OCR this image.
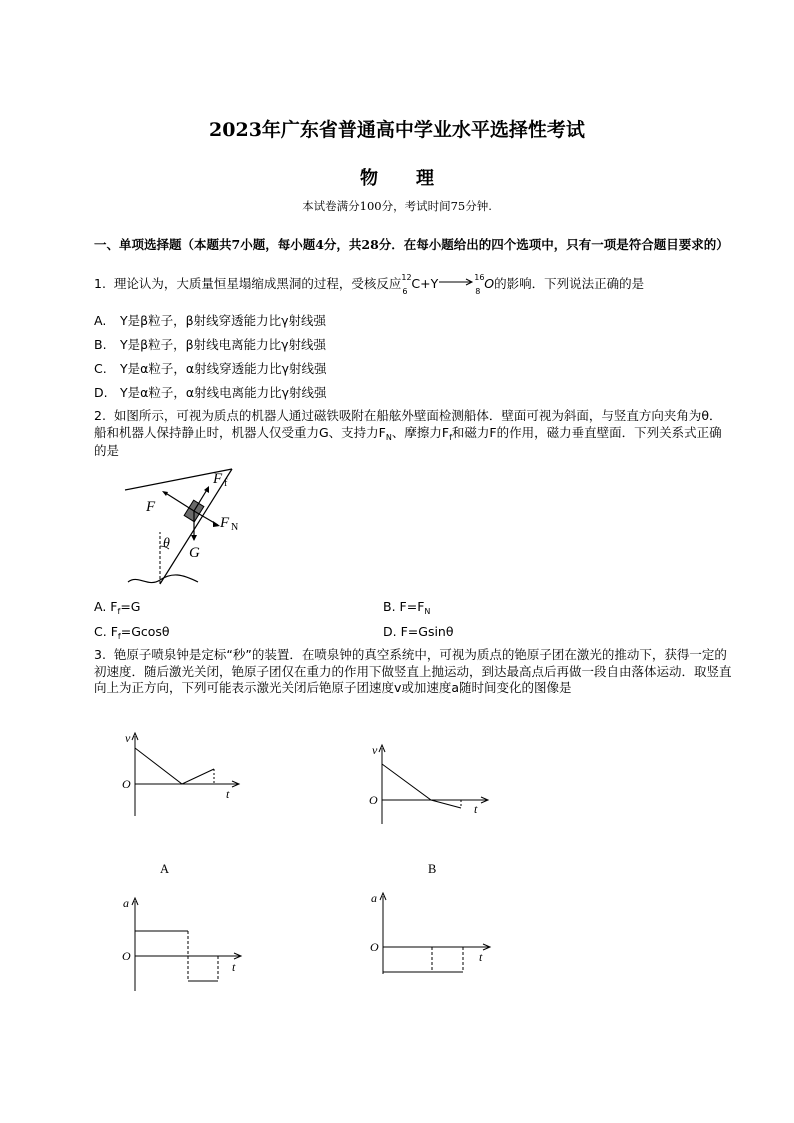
2023年广东省普通高中学业水平选择性考试
物理
本试卷满分100分，考试时间75分钟.
一、单项选择题（本题共7小题，每小题4分，共28分．在每小题给出的四个选项中，只有一项是符合题目要求的）
1. 理论认为，大质量恒星塌缩成黑洞的过程，受核反应 12
6
C+Y→ 16
8
O的影响．下列说法正确的是
A. Y是β粒子，β射线穿透能力比γ射线强
B. Y是β粒子，β射线电离能力比γ射线强
C. Y是α粒子，α射线穿透能力比γ射线强
D. Y是α粒子，α射线电离能力比γ射线强
2. 如图所示，可视为质点的机器人通过磁铁吸附在船舷外壁面检测船体．壁面可视为斜面，与竖直方向夹角为θ．船和机器人保持静止时，机器人仅受重力G、支持力$F_N$、摩擦力$F_f$和磁力F的作用，磁力垂直壁面．下列关系式正确的是
F f
F
F N
G
θ
A. $F_f=G$	B. $F=F_N$
C. $F_f=Gcos\theta$	D. F=Gsinθ
3. 铯原子喷泉钟是定标“秒”的装置．在喷泉钟的真空系统中，可视为质点的铯原子团在激光的推动下，获得一定的初速度．随后激光关闭，铯原子团仅在重力的作用下做竖直上抛运动，到达最高点后再做一段自由落体运动．取竖直向上为正方向，下列可能表示激光关闭后铯原子团速度v或加速度a随时间变化的图像是
v
O
t
A
v
O
t
B
a
O
t
a
O
t
